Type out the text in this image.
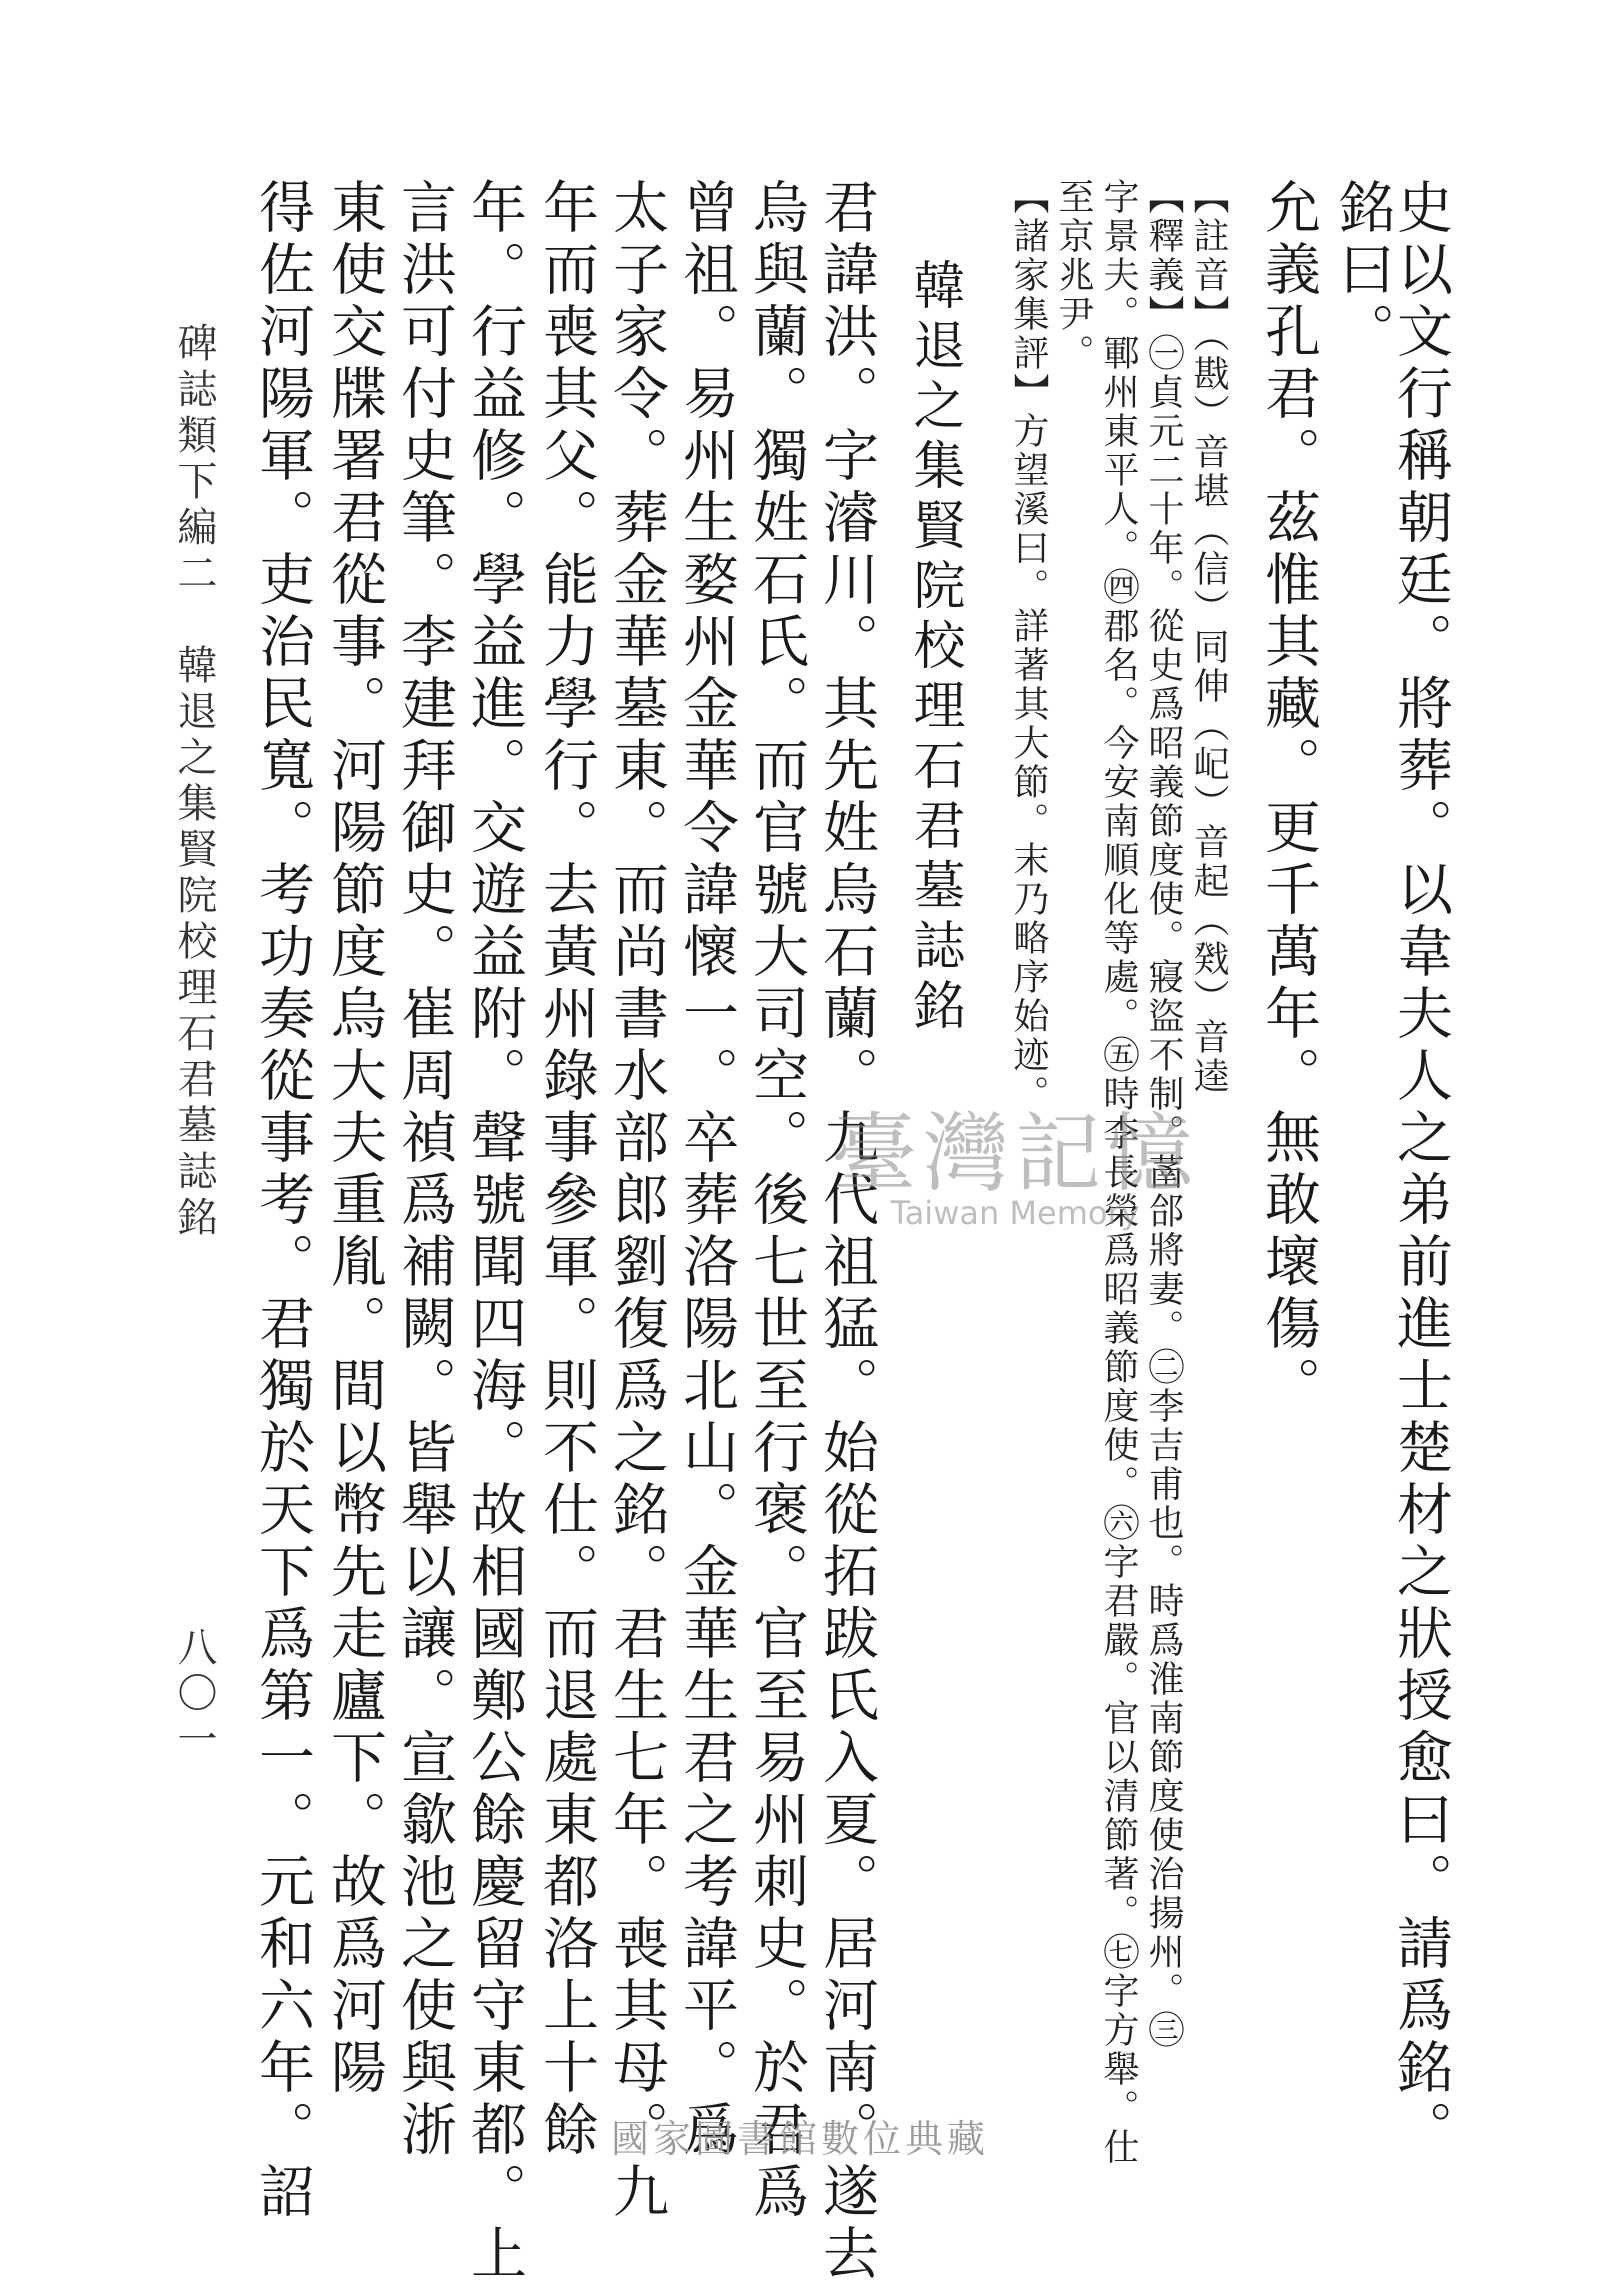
史以文行稱朝廷。將葬。以韋夫人之弟前進士楚材之狀授愈曰。請爲銘。
銘曰。
允義孔君。茲惟其藏。更千萬年。無敢壞傷。
【註音】（戡）音堪（信）同伸（屺）音起（戣）音逵
【釋義】㊀貞元二十年。從史爲昭義節度使。寢盜不制。䓿郃將妻。㊁李吉甫也。時爲淮南節度使治揚州。㊂
字景夫。鄆州東平人。㊃郡名。今安南順化等處。㊄時李長榮爲昭義節度使。㊅字君嚴。官以清節著。㊆字方舉。仕
至京兆尹。
【諸家集評】方望溪曰。詳著其大節。末乃略序始迹。
韓退之集賢院校理石君墓誌銘
君諱洪。字濬川。其先姓烏石蘭。九代祖猛。始從拓跋氏入夏。居河南。遂去
烏與蘭。獨姓石氏。而官號大司空。後七世至行褒。官至易州刺史。於君爲
曾祖。易州生婺州金華令諱懷一。卒葬洛陽北山。金華生君之考諱平。爲
太子家令。葬金華墓東。而尚書水部郎劉復爲之銘。君生七年。喪其母。九
年而喪其父。能力學行。去黃州錄事參軍。則不仕。而退處東都洛上十餘
年。行益修。學益進。交遊益附。聲號聞四海。故相國鄭公餘慶留守東都。上
言洪可付史筆。李建拜御史。崔周禎爲補闕。皆舉以讓。宣歙池之使與浙
東使交牒署君從事。河陽節度烏大夫重胤。間以幣先走廬下。故爲河陽
得佐河陽軍。吏治民寬。考功奏從事考。君獨於天下爲第一。元和六年。詔
碑誌類下編二　韓退之集賢院校理石君墓誌銘
八〇一
臺灣記憶
Taiwan Memory
國家圖書館數位典藏
